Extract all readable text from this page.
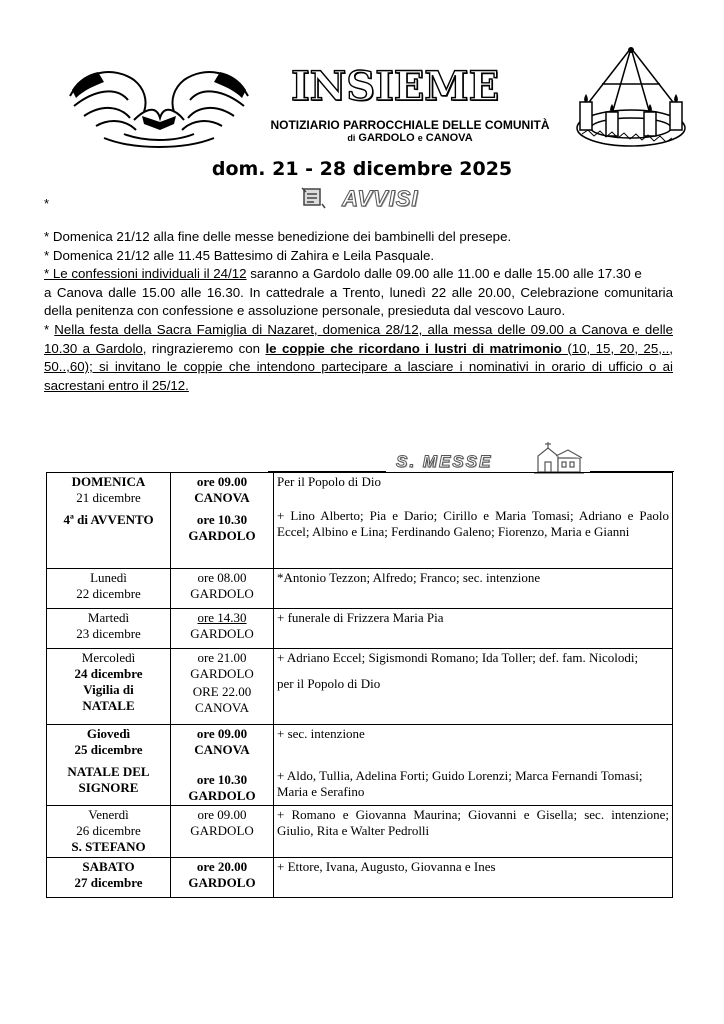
INSIEME
NOTIZIARIO PARROCCHIALE DELLE COMUNITÀ
di GARDOLO e CANOVA
dom. 21 - 28 dicembre 2025
*	AVVISI

* Domenica 21/12 alla fine delle messe benedizione dei bambinelli del presepe.

* Domenica 21/12 alle 11.45 Battesimo di Zahira e Leila Pasquale.

* Le confessioni individuali il 24/12 saranno a Gardolo dalle 09.00 alle 11.00 e dalle 15.00 alle 17.30 e

a Canova dalle 15.00 alle 16.30. In cattedrale a Trento, lunedì 22 alle 20.00, Celebrazione comunitaria della penitenza con confessione e assoluzione personale, presieduta dal vescovo Lauro.

* Nella festa della Sacra Famiglia di Nazaret, domenica 28/12, alla messa delle 09.00 a Canova e delle 10.30 a Gardolo, ringrazieremo con le coppie che ricordano i lustri di matrimonio (10, 15, 20, 25,.., 50..,60); si invitano le coppie che intendono partecipare a lasciare i nominativi in orario di ufficio o ai sacrestani entro il 25/12.

S. MESSE
DOMENICA
21 dicembre

4ª di AVVENTO	ore 09.00
CANOVA

ore 10.30
GARDOLO	Per il Popolo di Dio
+ Lino Alberto; Pia e Dario; Cirillo e Maria Tomasi; Adriano e Paolo Eccel; Albino e Lina; Ferdinando Galeno; Fiorenzo, Maria e Gianni
Lunedì
22 dicembre	ore 08.00
GARDOLO	*Antonio Tezzon; Alfredo; Franco; sec. intenzione
Martedì
23 dicembre	ore 14.30
GARDOLO	+ funerale di Frizzera Maria Pia
Mercoledì
24 dicembre
Vigilia di NATALE	ore 21.00
GARDOLO

ORE 22.00
CANOVA	+ Adriano Eccel; Sigismondi Romano; Ida Toller; def. fam. Nicolodi;
per il Popolo di Dio
Giovedì
25 dicembre

NATALE DEL SIGNORE	ore 09.00
CANOVA

ore 10.30
GARDOLO	+ sec. intenzione
+ Aldo, Tullia, Adelina Forti; Guido Lorenzi; Marca Fernandi Tomasi; Maria e Serafino
Venerdì
26 dicembre
S. STEFANO	ore 09.00
GARDOLO	+ Romano e Giovanna Maurina; Giovanni e Gisella; sec. intenzione; Giulio, Rita e Walter Pedrolli
SABATO
27 dicembre	ore 20.00
GARDOLO	+ Ettore, Ivana, Augusto, Giovanna e Ines
